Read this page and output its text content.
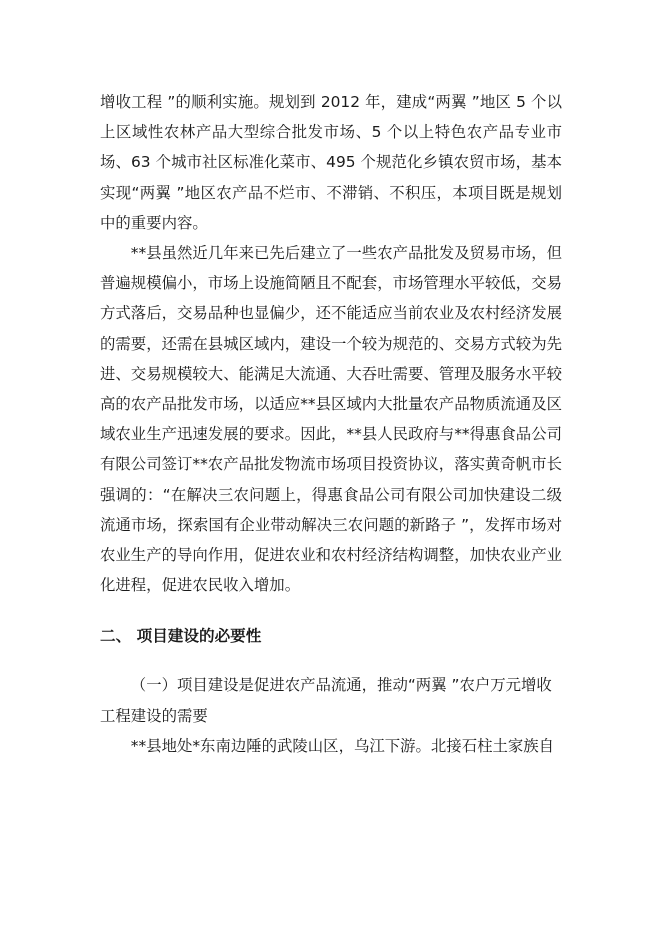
增收工程 ”的顺利实施。规划到 2012 年，建成“两翼 ”地区 5 个以上区域性农林产品大型综合批发市场、5 个以上特色农产品专业市场、63 个城市社区标准化菜市、495 个规范化乡镇农贸市场，基本实现“两翼 ”地区农产品不烂市、不滞销、不积压，本项目既是规划中的重要内容。

**县虽然近几年来已先后建立了一些农产品批发及贸易市场，但普遍规模偏小，市场上设施简陋且不配套，市场管理水平较低，交易方式落后，交易品种也显偏少，还不能适应当前农业及农村经济发展的需要，还需在县城区域内，建设一个较为规范的、交易方式较为先进、交易规模较大、能满足大流通、大吞吐需要、管理及服务水平较高的农产品批发市场，以适应**县区域内大批量农产品物质流通及区域农业生产迅速发展的要求。因此，**县人民政府与**得惠食品公司有限公司签订**农产品批发物流市场项目投资协议，落实黄奇帆市长强调的：“在解决三农问题上，得惠食品公司有限公司加快建设二级流通市场，探索国有企业带动解决三农问题的新路子 ”，发挥市场对农业生产的导向作用，促进农业和农村经济结构调整，加快农业产业化进程，促进农民收入增加。

二、 项目建设的必要性

（一）项目建设是促进农产品流通，推动“两翼 ”农户万元增收工程建设的需要

**县地处*东南边陲的武陵山区，乌江下游。北接石柱土家族自
